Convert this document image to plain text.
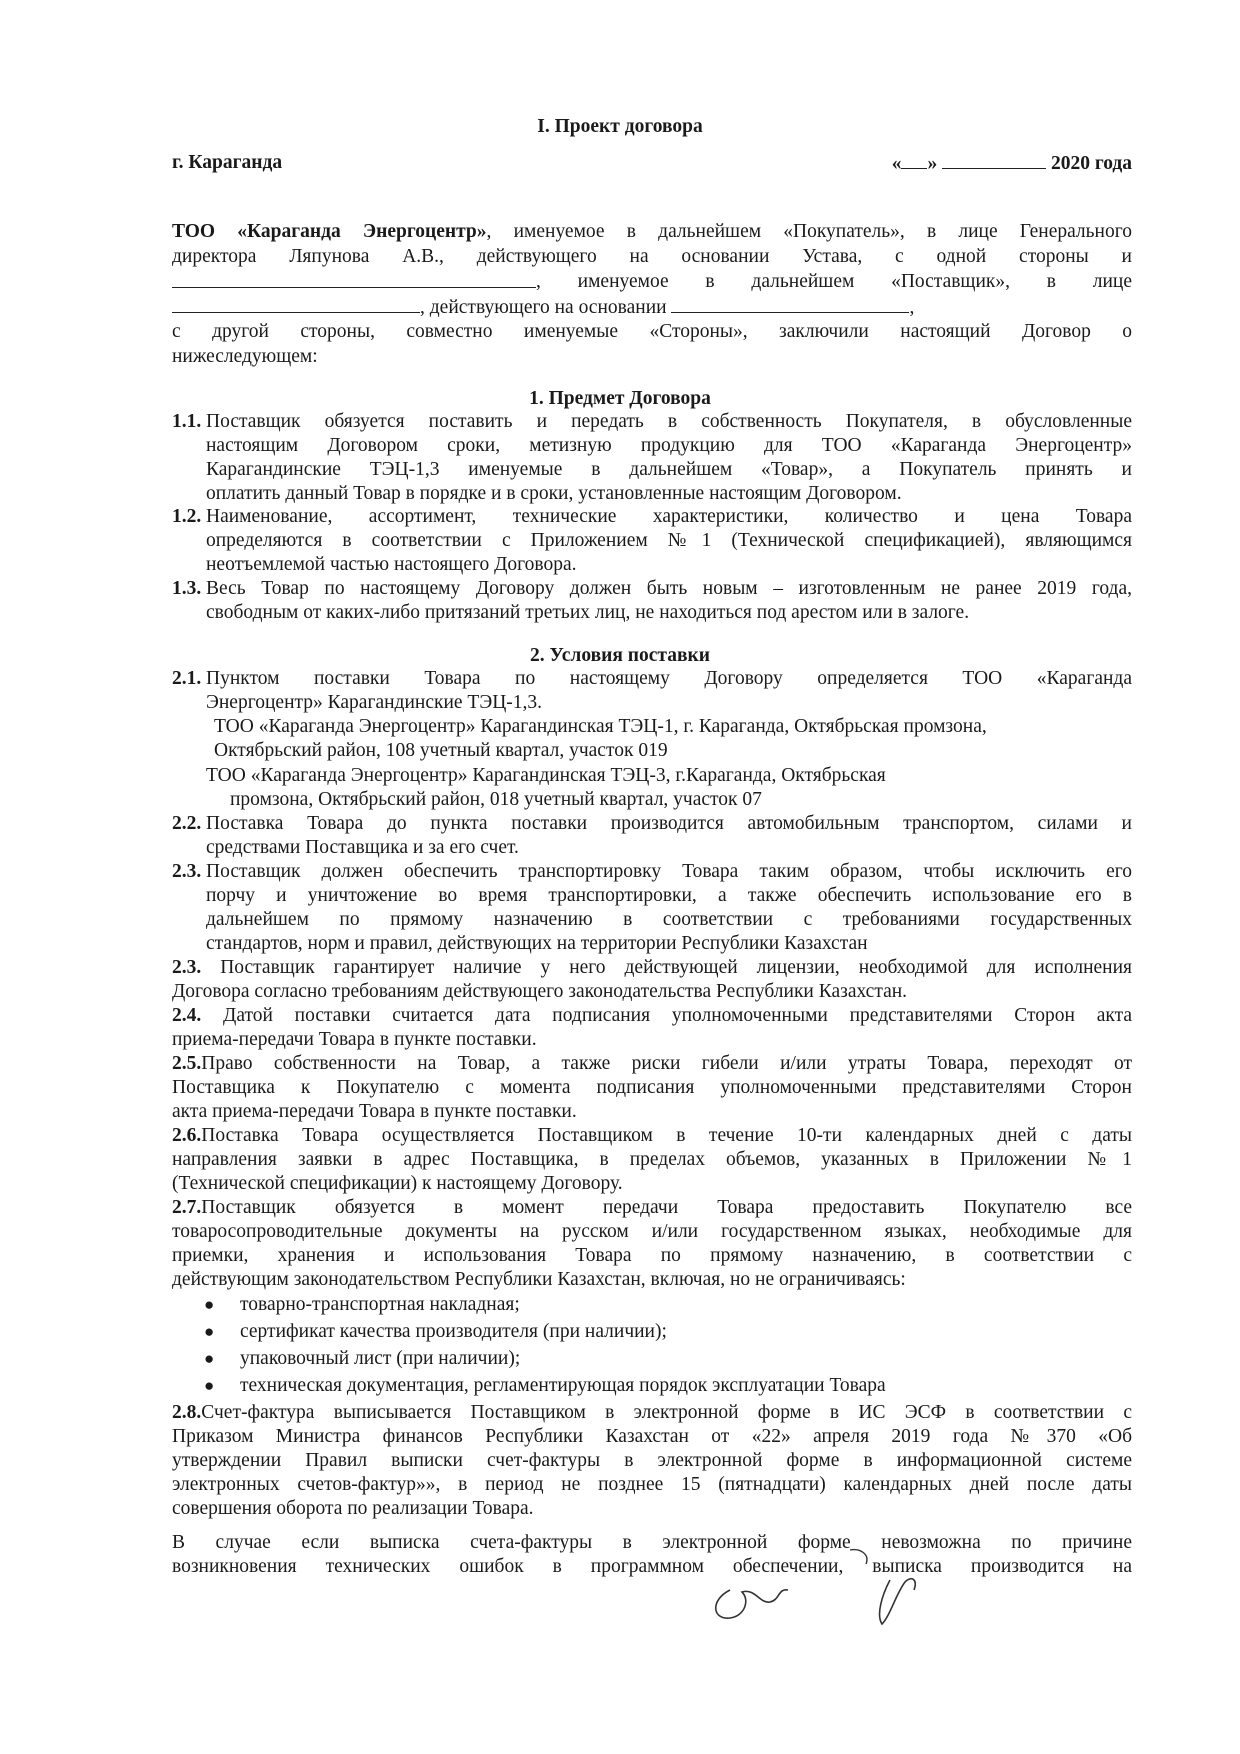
I. Проект договора
г. Караганда	« »	2020 года
ТОО «Караганда Энергоцентр», именуемое в дальнейшем «Покупатель», в лице Генерального
директора Ляпунова А.В., действующего на основании Устава, с одной стороны и
, именуемое в дальнейшем «Поставщик», в лице
, действующего на основании	,
с другой стороны, совместно именуемые «Стороны», заключили настоящий Договор о
нижеследующем:
1. Предмет Договора
1.1. Поставщик обязуется поставить и передать в собственность Покупателя, в обусловленные
настоящим Договором сроки, метизную продукцию для ТОО «Караганда Энергоцентр»
Карагандинские ТЭЦ-1,3 именуемые в дальнейшем «Товар», а Покупатель принять и
оплатить данный Товар в порядке и в сроки, установленные настоящим Договором.
1.2. Наименование, ассортимент, технические характеристики, количество и цена Товара
определяются в соответствии с Приложением №1 (Технической спецификацией), являющимся
неотъемлемой частью настоящего Договора.
1.3. Весь Товар по настоящему Договору должен быть новым – изготовленным не ранее 2019 года,
свободным от каких-либо притязаний третьих лиц, не находиться под арестом или в залоге.
2. Условия поставки
2.1. Пунктом поставки Товара по настоящему Договору определяется ТОО «Караганда
Энергоцентр» Карагандинские ТЭЦ-1,3.
ТОО «Караганда Энергоцентр» Карагандинская ТЭЦ-1, г. Караганда, Октябрьская промзона,
Октябрьский район, 108 учетный квартал, участок 019
ТОО «Караганда Энергоцентр» Карагандинская ТЭЦ-3, г.Караганда, Октябрьская
промзона, Октябрьский район, 018 учетный квартал, участок 07
2.2. Поставка Товара до пункта поставки производится автомобильным транспортом, силами и
средствами Поставщика и за его счет.
2.3. Поставщик должен обеспечить транспортировку Товара таким образом, чтобы исключить его
порчу и уничтожение во время транспортировки, а также обеспечить использование его в
дальнейшем по прямому назначению в соответствии с требованиями государственных
стандартов, норм и правил, действующих на территории Республики Казахстан
2.3. Поставщик гарантирует наличие у него действующей лицензии, необходимой для исполнения
Договора согласно требованиям действующего законодательства Республики Казахстан.
2.4. Датой поставки считается дата подписания уполномоченными представителями Сторон акта
приема-передачи Товара в пункте поставки.
2.5.Право собственности на Товар, а также риски гибели и/или утраты Товара, переходят от
Поставщика к Покупателю с момента подписания уполномоченными представителями Сторон
акта приема-передачи Товара в пункте поставки.
2.6.Поставка Товара осуществляется Поставщиком в течение 10-ти календарных дней с даты
направления заявки в адрес Поставщика, в пределах объемов, указанных в Приложении №1
(Технической спецификации) к настоящему Договору.
2.7.Поставщик обязуется в момент передачи Товара предоставить Покупателю все
товаросопроводительные документы на русском и/или государственном языках, необходимые для
приемки, хранения и использования Товара по прямому назначению, в соответствии с
действующим законодательством Республики Казахстан, включая, но не ограничиваясь:
● товарно-транспортная накладная;
● сертификат качества производителя (при наличии);
● упаковочный лист (при наличии);
● техническая документация, регламентирующая порядок эксплуатации Товара
2.8.Счет-фактура выписывается Поставщиком в электронной форме в ИС ЭСФ в соответствии с
Приказом Министра финансов Республики Казахстан от «22» апреля 2019 года №370 «Об
утверждении Правил выписки счет-фактуры в электронной форме в информационной системе
электронных счетов-фактур»», в период не позднее 15 (пятнадцати) календарных дней после даты
совершения оборота по реализации Товара.
В случае если выписка счета-фактуры в электронной форме невозможна по причине
возникновения технических ошибок в программном обеспечении, выписка производится на
